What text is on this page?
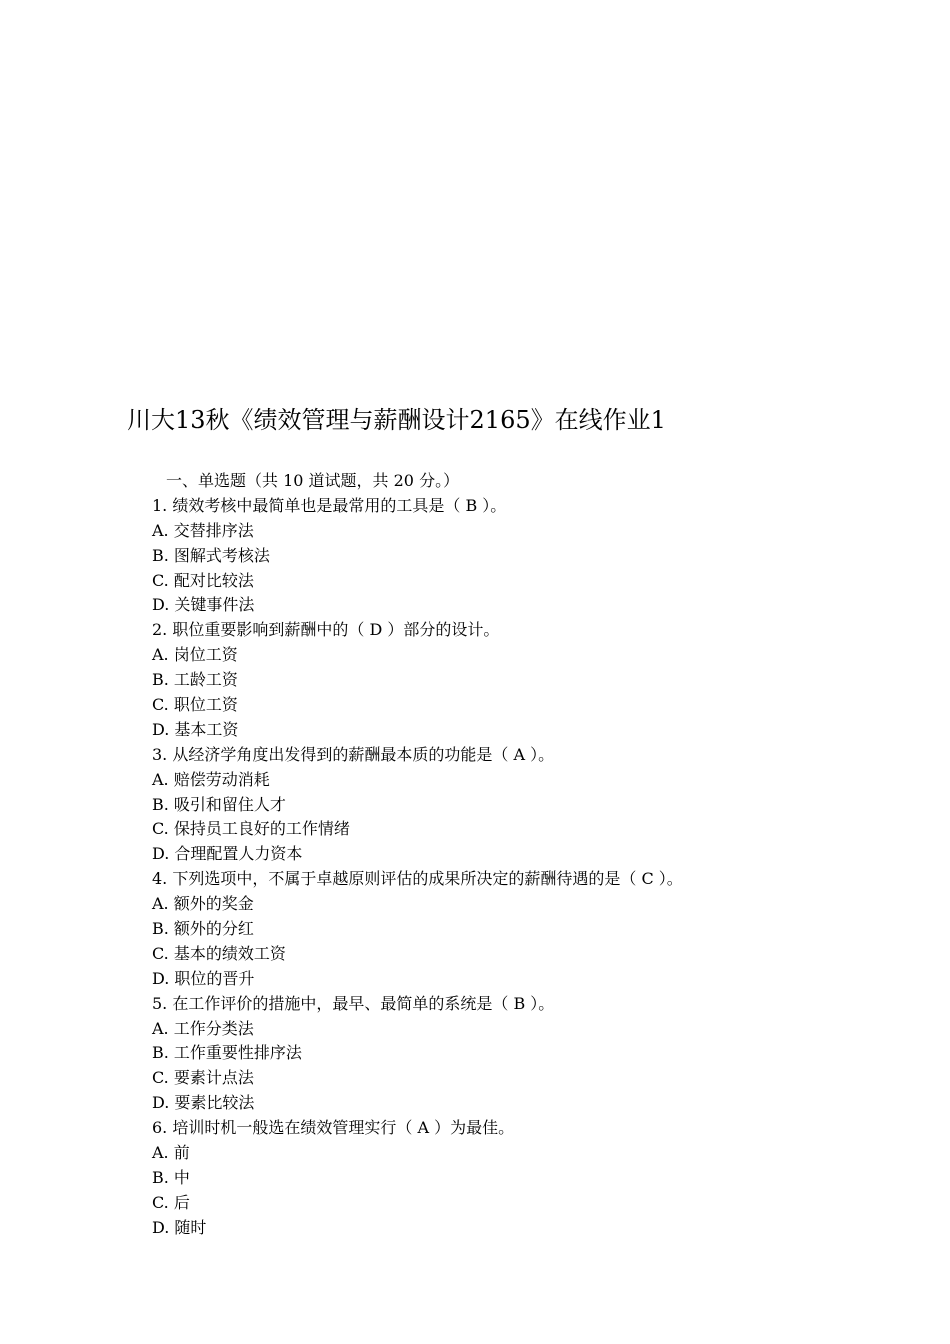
川大13秋《绩效管理与薪酬设计2165》在线作业1
一、单选题（共 10 道试题，共 20 分。）
1. 绩效考核中最简单也是最常用的工具是（ B ）。
A. 交替排序法
B. 图解式考核法
C. 配对比较法
D. 关键事件法
2. 职位重要影响到薪酬中的（ D ）部分的设计。
A. 岗位工资
B. 工龄工资
C. 职位工资
D. 基本工资
3. 从经济学角度出发得到的薪酬最本质的功能是（ A ）。
A. 赔偿劳动消耗
B. 吸引和留住人才
C. 保持员工良好的工作情绪
D. 合理配置人力资本
4. 下列选项中，不属于卓越原则评估的成果所决定的薪酬待遇的是（ C ）。
A. 额外的奖金
B. 额外的分红
C. 基本的绩效工资
D. 职位的晋升
5. 在工作评价的措施中，最早、最简单的系统是（ B ）。
A. 工作分类法
B. 工作重要性排序法
C. 要素计点法
D. 要素比较法
6. 培训时机一般选在绩效管理实行（ A ）为最佳。
A. 前
B. 中
C. 后
D. 随时
